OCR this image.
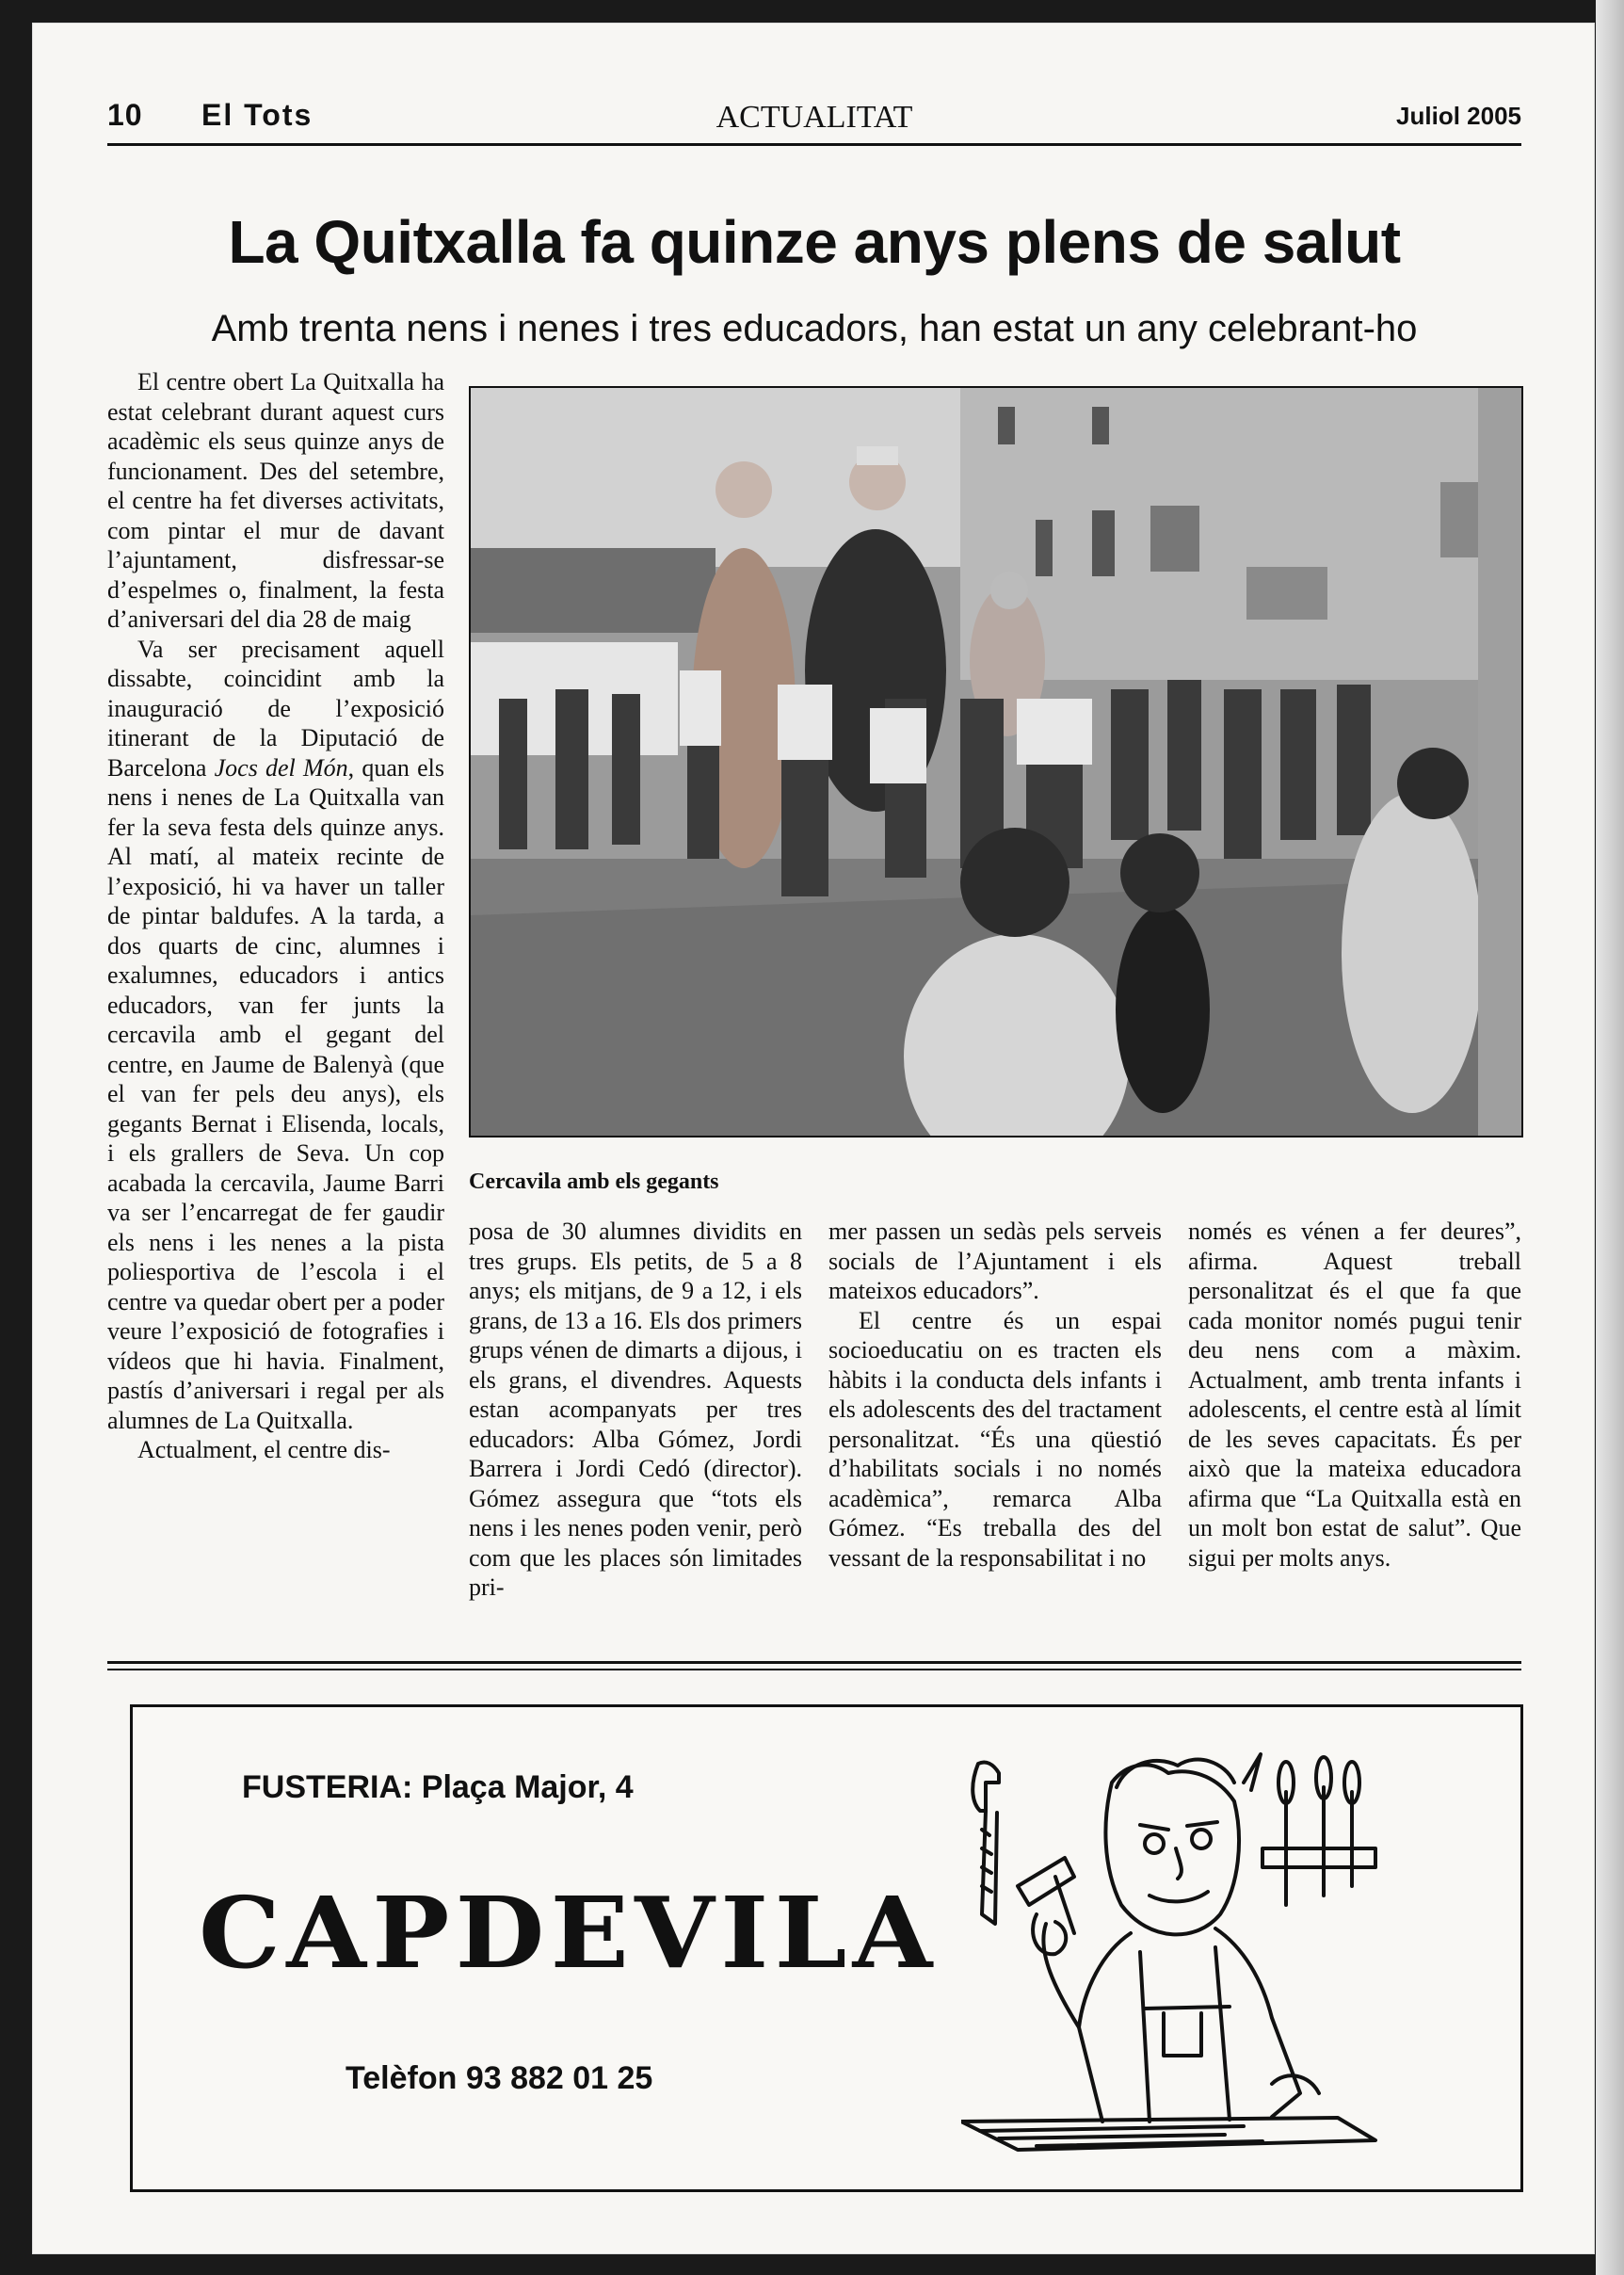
10 El Tots	ACTUALITAT	Juliol 2005
La Quitxalla fa quinze anys plens de salut
Amb trenta nens i nenes i tres educadors, han estat un any celebrant-ho

El centre obert La Quitxalla ha estat celebrant durant aquest curs acadèmic els seus quinze anys de funcionament. Des del setembre, el centre ha fet diverses activitats, com pintar el mur de davant l’ajuntament, disfressar-se d’espelmes o, finalment, la festa d’aniversari del dia 28 de maig

Va ser precisament aquell dissabte, coincidint amb la inauguració de l’exposició itinerant de la Diputació de Barcelona Jocs del Món, quan els nens i nenes de La Quitxalla van fer la seva festa dels quinze anys. Al matí, al mateix recinte de l’exposició, hi va haver un taller de pintar baldufes. A la tarda, a dos quarts de cinc, alumnes i exalumnes, educadors i antics educadors, van fer junts la cercavila amb el gegant del centre, en Jaume de Balenyà (que el van fer pels deu anys), els gegants Bernat i Elisenda, locals, i els grallers de Seva. Un cop acabada la cercavila, Jaume Barri va ser l’encarregat de fer gaudir els nens i les nenes a la pista poliesportiva de l’escola i el centre va quedar obert per a poder veure l’exposició de fotografies i vídeos que hi havia. Finalment, pastís d’aniversari i regal per als alumnes de La Quitxalla.

Actualment, el centre dis-

Cercavila amb els gegants

posa de 30 alumnes dividits en tres grups. Els petits, de 5 a 8 anys; els mitjans, de 9 a 12, i els grans, de 13 a 16. Els dos primers grups vénen de dimarts a dijous, i els grans, el divendres. Aquests estan acompanyats per tres educadors: Alba Gómez, Jordi Barrera i Jordi Cedó (director). Gómez assegura que “tots els nens i les nenes poden venir, però com que les places són limitades pri-

mer passen un sedàs pels serveis socials de l’Ajuntament i els mateixos educadors”.

El centre és un espai socioeducatiu on es tracten els hàbits i la conducta dels infants i els adolescents des del tractament personalitzat. “És una qüestió d’habilitats socials i no només acadèmica”, remarca Alba Gómez. “Es treballa des del vessant de la responsabilitat i no

només es vénen a fer deures”, afirma. Aquest treball personalitzat és el que fa que cada monitor només pugui tenir deu nens com a màxim. Actualment, amb trenta infants i adolescents, el centre està al límit de les seves capacitats. És per això que la mateixa educadora afirma que “La Quitxalla està en un molt bon estat de salut”. Que sigui per molts anys.

FUSTERIA: Plaça Major, 4
CAPDEVILA
Telèfon 93 882 01 25
